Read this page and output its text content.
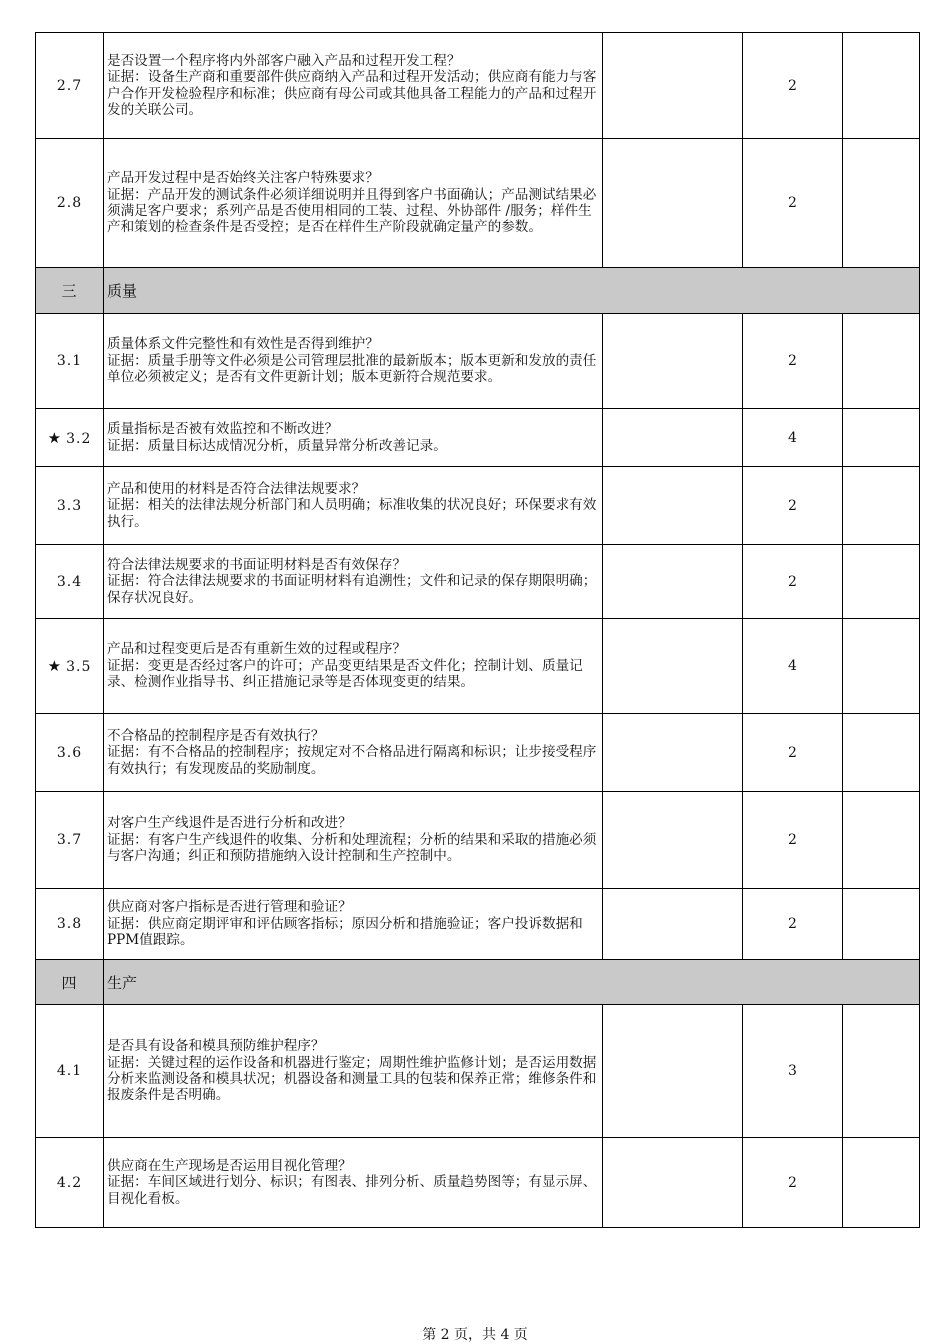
2.7	是否设置一个程序将内外部客户融入产品和过程开发工程？
证据：设备生产商和重要部件供应商纳入产品和过程开发活动；供应商有能力与客户合作开发检验程序和标准；供应商有母公司或其他具备工程能力的产品和过程开发的关联公司。		2		
2.8	产品开发过程中是否始终关注客户特殊要求？
证据：产品开发的测试条件必须详细说明并且得到客户书面确认；产品测试结果必须满足客户要求；系列产品是否使用相同的工装、过程、外协部件 /服务；样件生产和策划的检查条件是否受控；是否在样件生产阶段就确定量产的参数。		2		
三	质量			
3.1	质量体系文件完整性和有效性是否得到维护？
证据：质量手册等文件必须是公司管理层批准的最新版本；版本更新和发放的责任单位必须被定义；是否有文件更新计划；版本更新符合规范要求。		2		
★ 3.2	质量指标是否被有效监控和不断改进？
证据：质量目标达成情况分析，质量异常分析改善记录。		4		
3.3	产品和使用的材料是否符合法律法规要求？
证据：相关的法律法规分析部门和人员明确；标准收集的状况良好；环保要求有效执行。		2		
3.4	符合法律法规要求的书面证明材料是否有效保存？
证据：符合法律法规要求的书面证明材料有追溯性；文件和记录的保存期限明确；保存状况良好。		2		
★ 3.5	产品和过程变更后是否有重新生效的过程或程序？
证据：变更是否经过客户的许可；产品变更结果是否文件化；控制计划、质量记录、检测作业指导书、纠正措施记录等是否体现变更的结果。		4		
3.6	不合格品的控制程序是否有效执行？
证据：有不合格品的控制程序；按规定对不合格品进行隔离和标识；让步接受程序有效执行；有发现废品的奖励制度。		2		
3.7	对客户生产线退件是否进行分析和改进？
证据：有客户生产线退件的收集、分析和处理流程；分析的结果和采取的措施必须与客户沟通；纠正和预防措施纳入设计控制和生产控制中。		2		
3.8	供应商对客户指标是否进行管理和验证？
证据：供应商定期评审和评估顾客指标；原因分析和措施验证；客户投诉数据和 PPM值跟踪。		2		
四	生产			
4.1	是否具有设备和模具预防维护程序？
证据：关键过程的运作设备和机器进行鉴定；周期性维护监修计划；是否运用数据分析来监测设备和模具状况；机器设备和测量工具的包装和保养正常；维修条件和报废条件是否明确。		3		
4.2	供应商在生产现场是否运用目视化管理？
证据：车间区域进行划分、标识；有图表、排列分析、质量趋势图等；有显示屏、目视化看板。		2		
第 2 页，共 4 页
